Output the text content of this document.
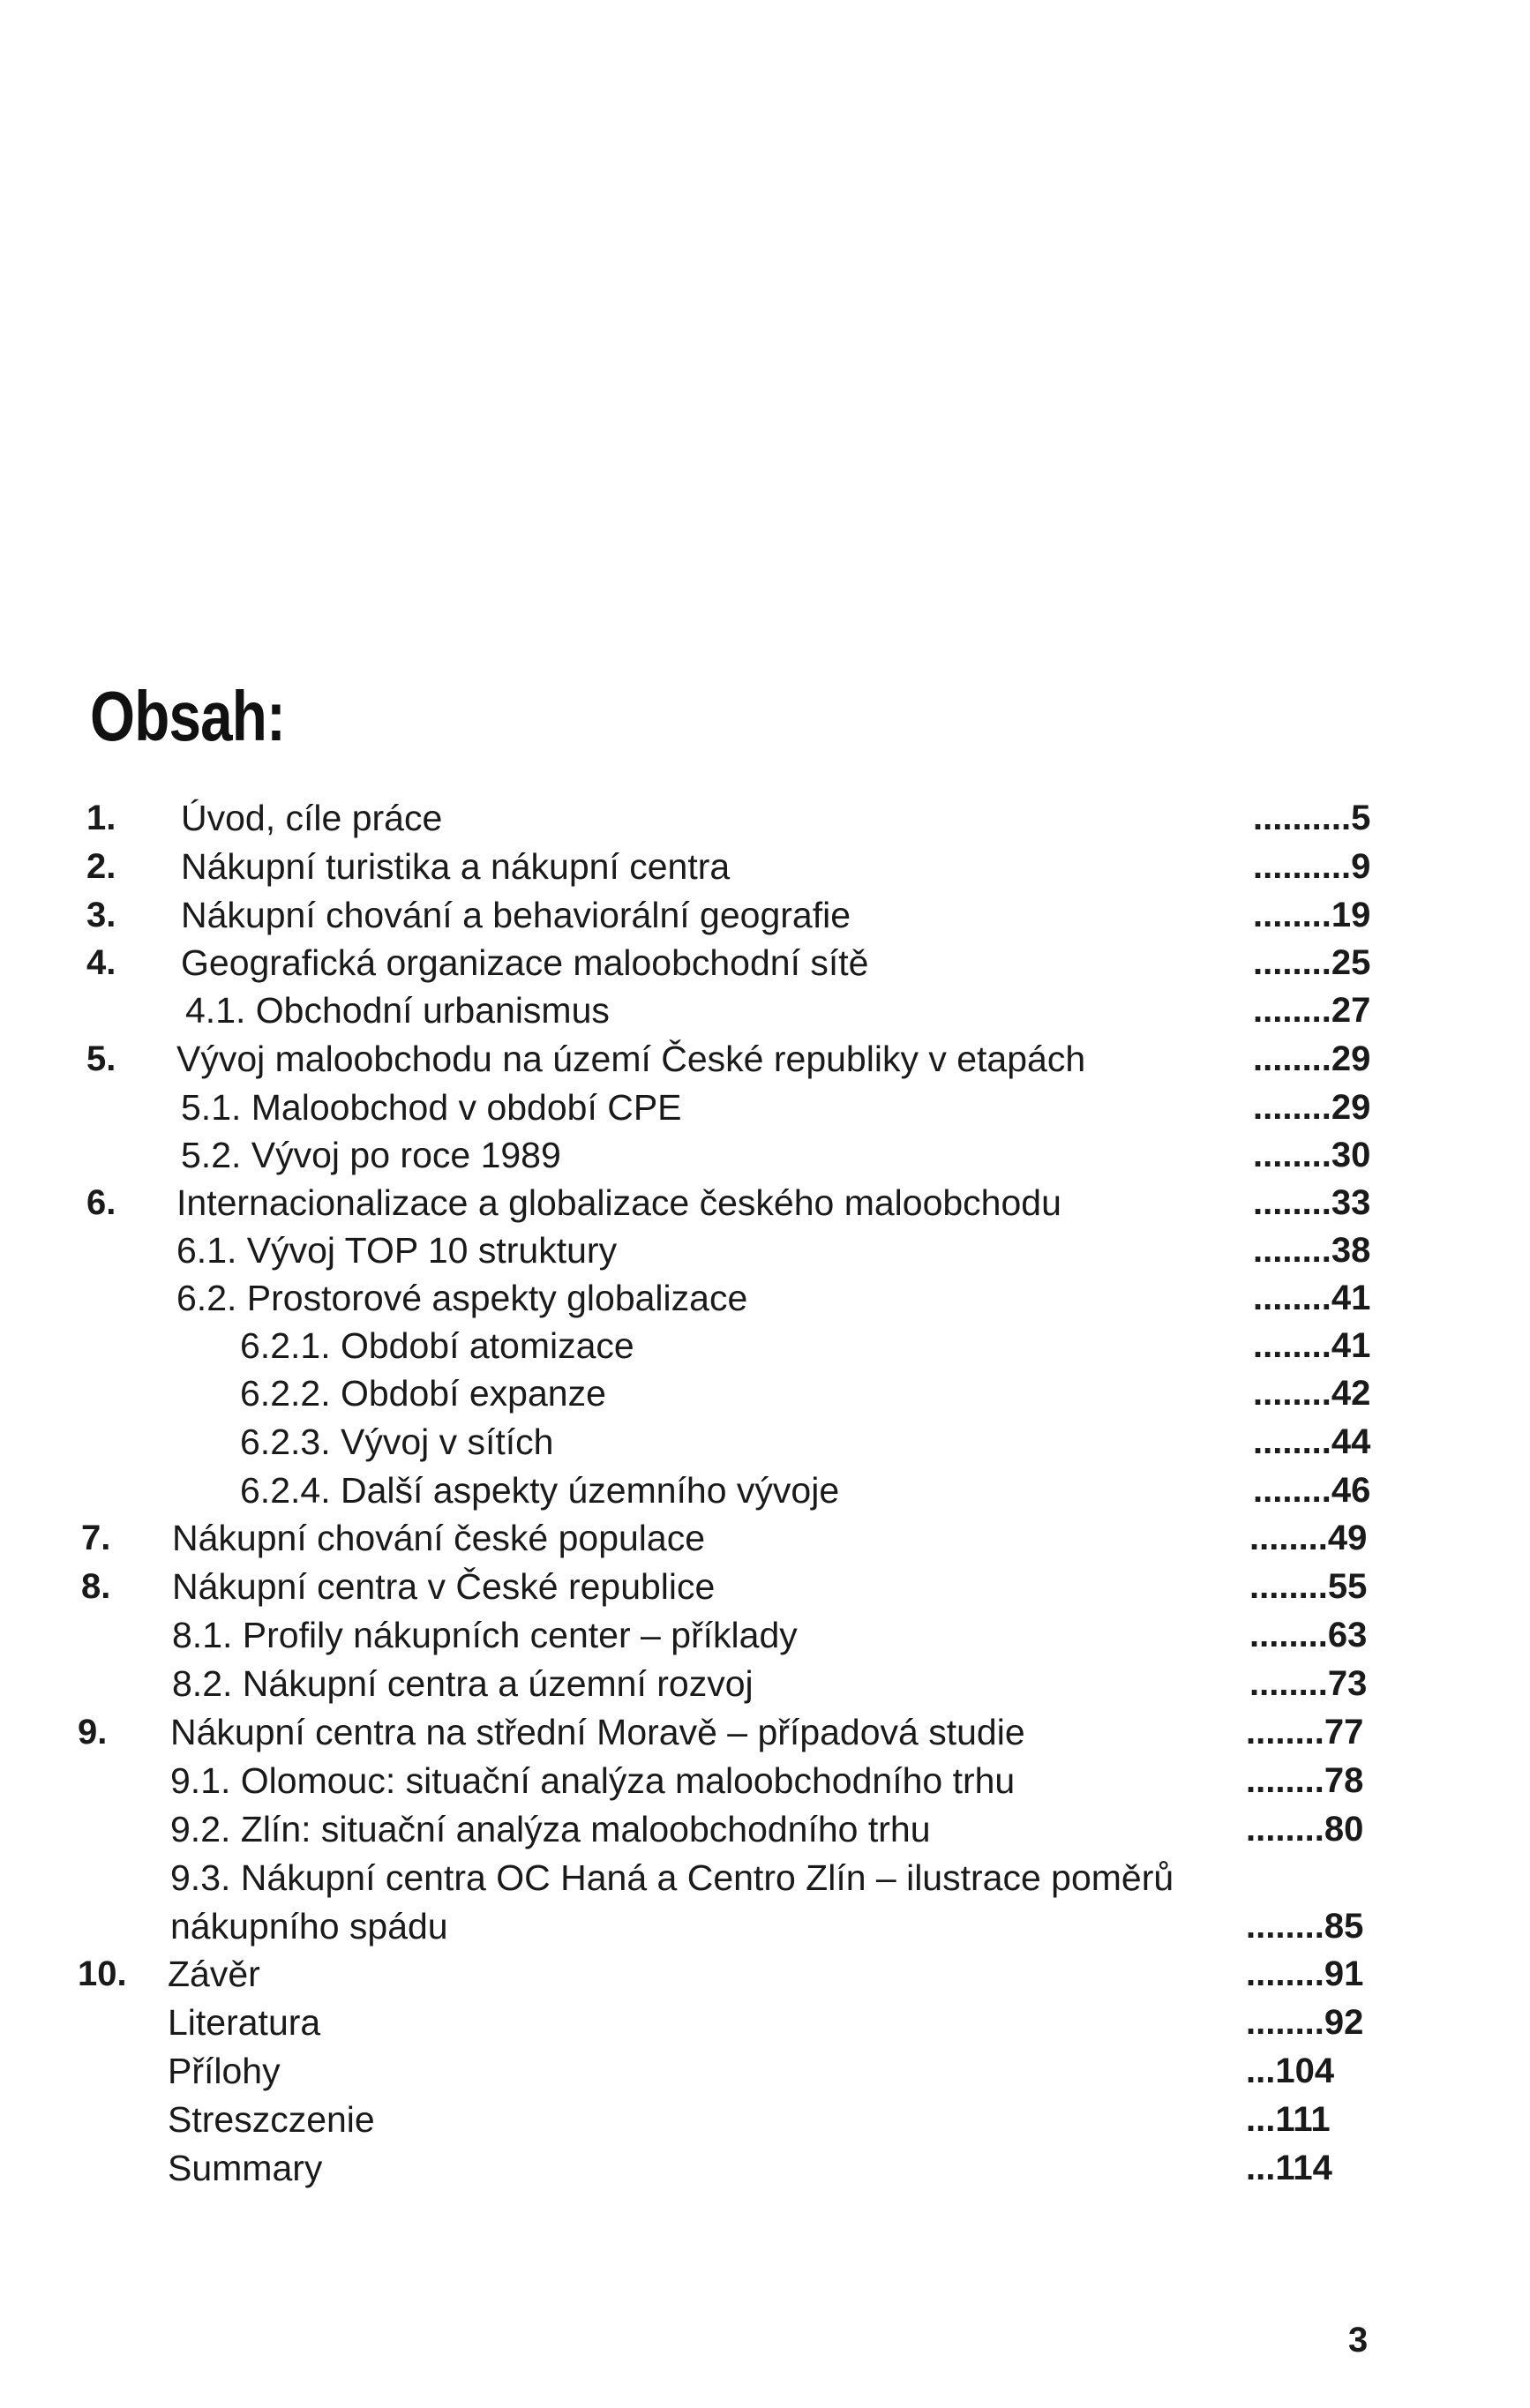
Obsah:
1. Úvod, cíle práce	..........5
2. Nákupní turistika a nákupní centra	..........9
3. Nákupní chování a behaviorální geografie	........19
4. Geografická organizace maloobchodní sítě	........25
4.1. Obchodní urbanismus	........27
5. Vývoj maloobchodu na území České republiky v etapách	........29
5.1. Maloobchod v období CPE	........29
5.2. Vývoj po roce 1989	........30
6. Internacionalizace a globalizace českého maloobchodu	........33
6.1. Vývoj TOP 10 struktury	........38
6.2. Prostorové aspekty globalizace	........41
6.2.1. Období atomizace	........41
6.2.2. Období expanze	........42
6.2.3. Vývoj v sítích	........44
6.2.4. Další aspekty územního vývoje	........46
7. Nákupní chování české populace	........49
8. Nákupní centra v České republice	........55
8.1. Profily nákupních center – příklady	........63
8.2. Nákupní centra a územní rozvoj	........73
9. Nákupní centra na střední Moravě – případová studie	........77
9.1. Olomouc: situační analýza maloobchodního trhu	........78
9.2. Zlín: situační analýza maloobchodního trhu	........80
9.3. Nákupní centra OC Haná a Centro Zlín – ilustrace poměrů
nákupního spádu	........85
10. Závěr	........91
Literatura	........92
Přílohy	...104
Streszczenie	...111
Summary	...114
3
